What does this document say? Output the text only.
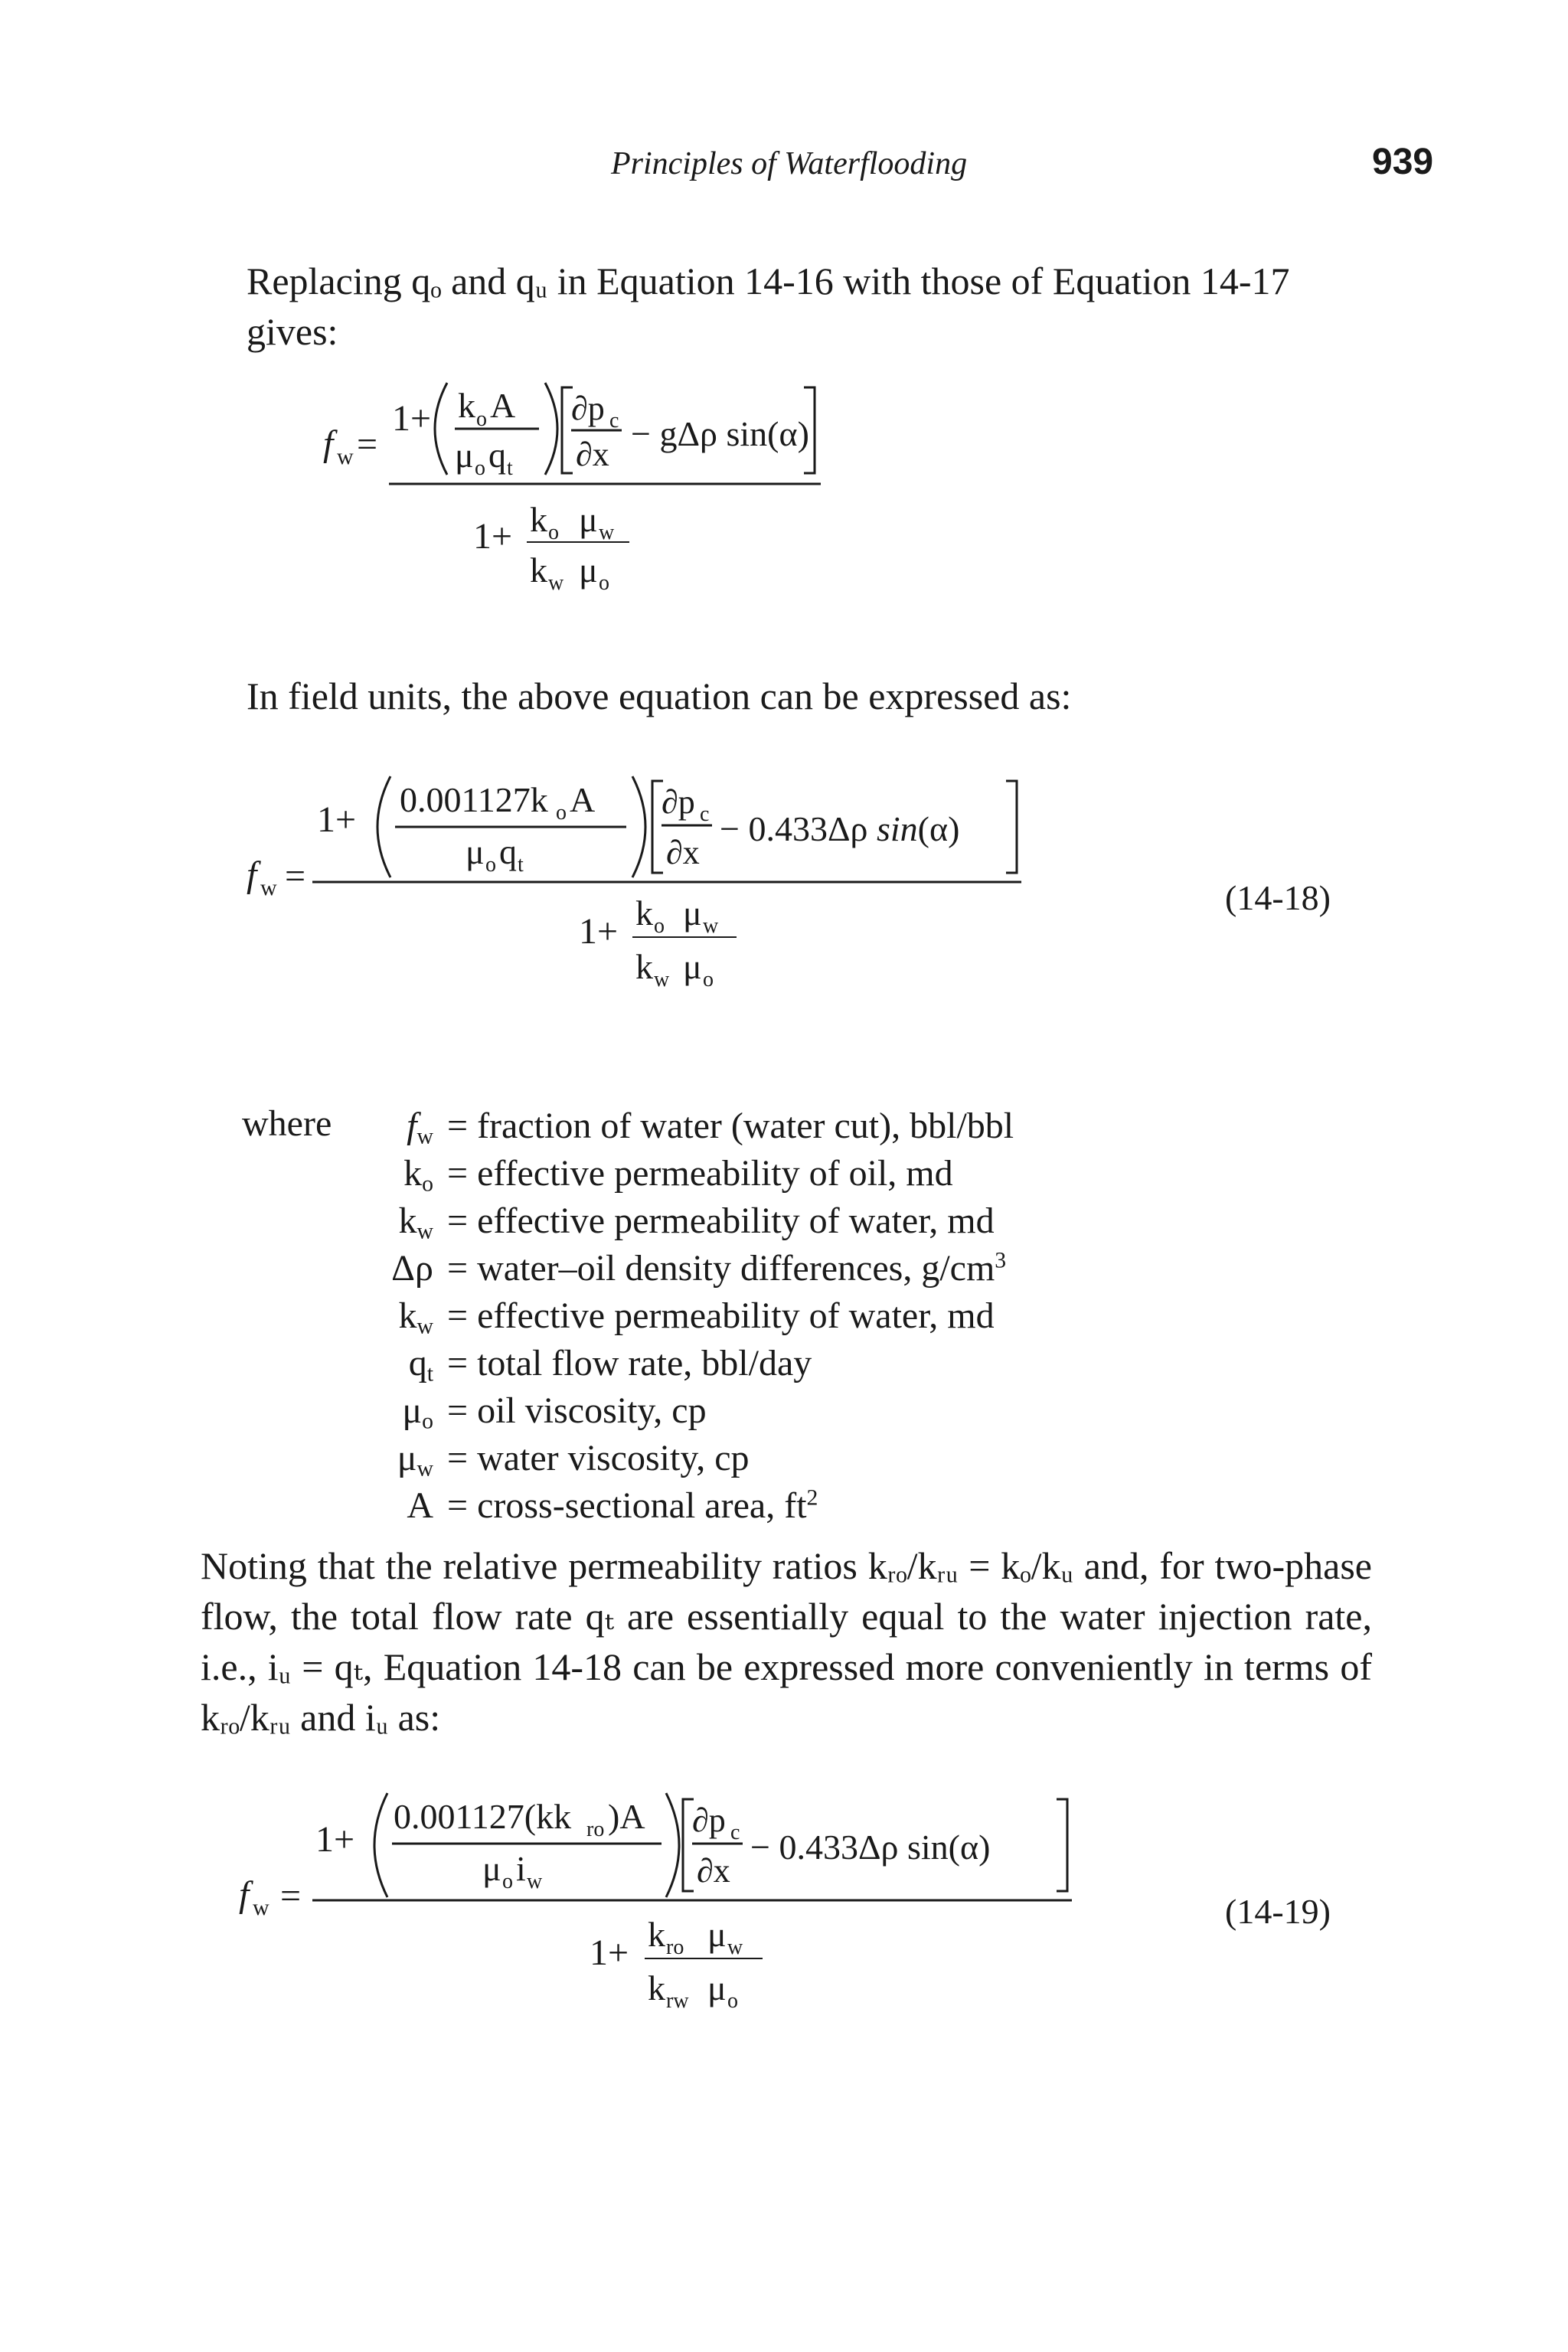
Principles of Waterflooding	939
Replacing qₒ and qᵤ in Equation 14-16 with those of Equation 14-17
gives:
f w =
1+ k o A
μ o q t
∂p c
∂x
− gΔρ sin(α)
1+ k o μ w
k w μ o
f w =
1+ 0.001127k o A
μ o q t
∂p c
∂x
− 0.433Δρ sin(α)
1+ k o μ w
k w μ o
f w =
1+
0.001127(kk ro )A
μ o i w
∂p c
∂x
− 0.433Δρ sin(α)
1+ k ro μ w
k rw μ o
(14-18)
(14-19)
In field units, the above equation can be expressed as:
where	$f_w$ = fraction of water (water cut), bbl/bbl
$k_o$ = effective permeability of oil, md
$k_w$ = effective permeability of water, md
Δρ = water–oil density differences, $g/cm^3$
$k_w$ = effective permeability of water, md
$q_t$ = total flow rate, bbl/day
$\mu_o$ = oil viscosity, cp
$\mu_w$ = water viscosity, cp
A = cross-sectional area, $ft^2$
Noting that the relative permeability ratios kᵣₒ/kᵣᵤ = kₒ/kᵤ and, for two-phase flow, the total flow rate qₜ are essentially equal to the water injection rate, i.e., iᵤ = qₜ, Equation 14-18 can be expressed more conveniently in terms of kᵣₒ/kᵣᵤ and iᵤ as:
